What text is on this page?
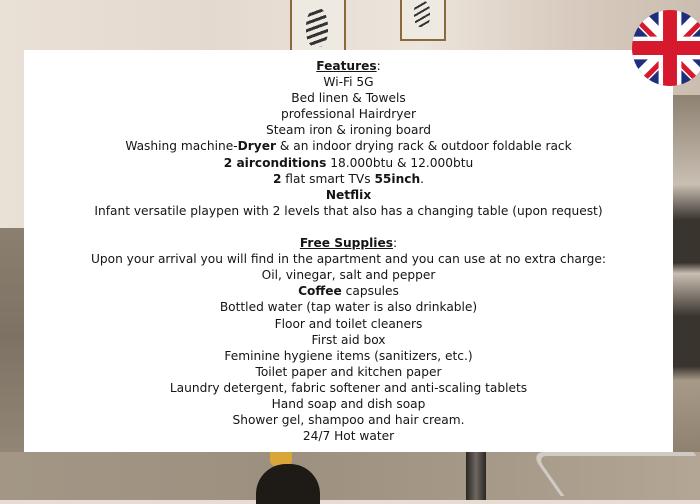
Features:
Wi-Fi 5G
Bed linen & Towels
professional Hairdryer
Steam iron & ironing board
Washing machine-Dryer & an indoor drying rack & outdoor foldable rack
2 airconditions 18.000btu & 12.000btu
2 flat smart TVs 55inch.
Netflix
Infant versatile playpen with 2 levels that also has a changing table (upon request)
Free Supplies:
Upon your arrival you will find in the apartment and you can use at no extra charge:
Oil, vinegar, salt and pepper
Coffee capsules
Bottled water (tap water is also drinkable)
Floor and toilet cleaners
First aid box
Feminine hygiene items (sanitizers, etc.)
Toilet paper and kitchen paper
Laundry detergent, fabric softener and anti-scaling tablets
Hand soap and dish soap
Shower gel, shampoo and hair cream.
24/7 Hot water
